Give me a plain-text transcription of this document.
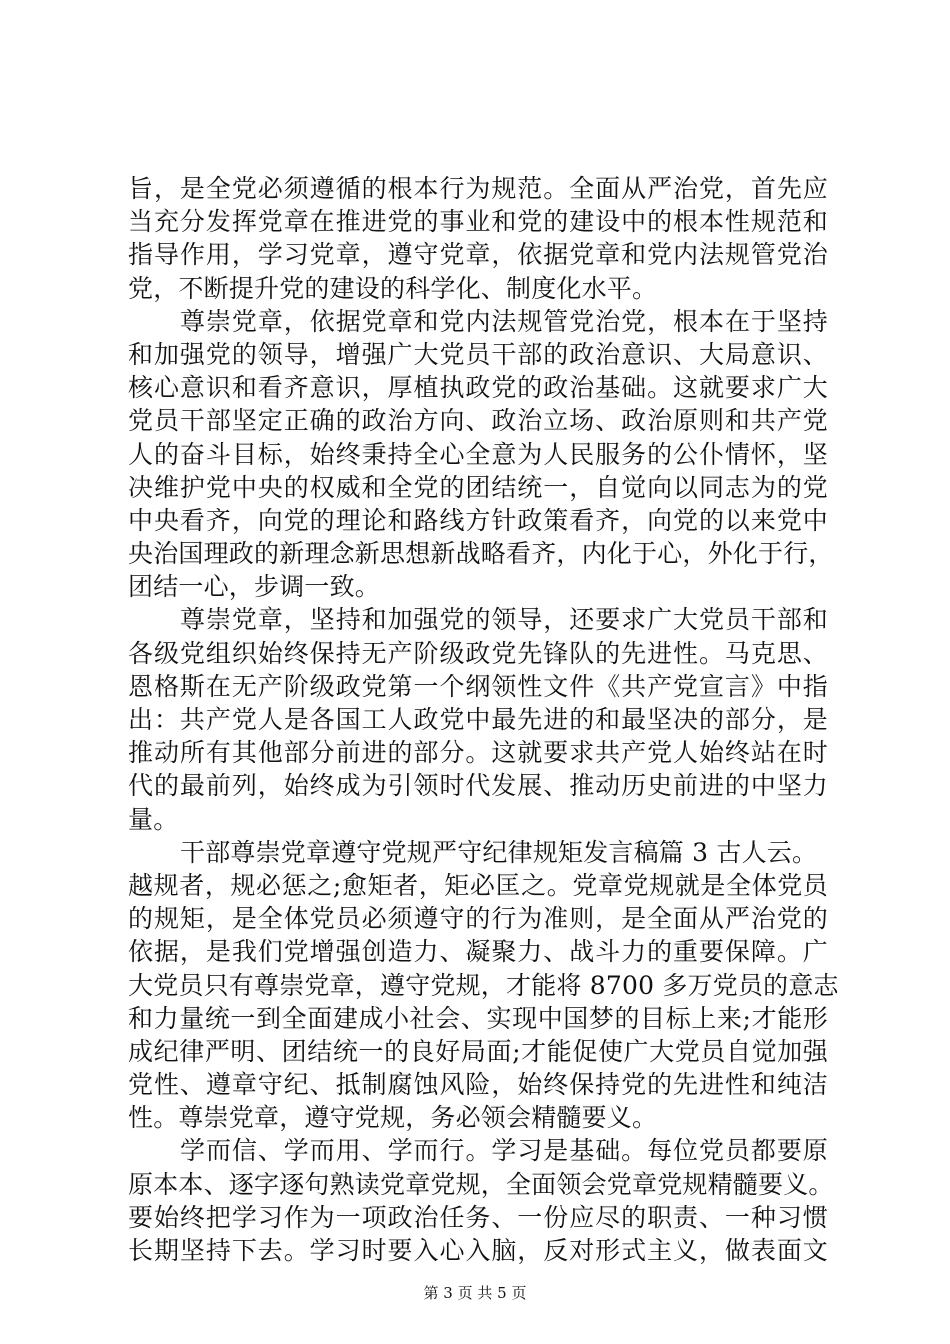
旨，是全党必须遵循的根本行为规范。全面从严治党，首先应
当充分发挥党章在推进党的事业和党的建设中的根本性规范和
指导作用，学习党章，遵守党章，依据党章和党内法规管党治
党，不断提升党的建设的科学化、制度化水平。
尊崇党章，依据党章和党内法规管党治党，根本在于坚持
和加强党的领导，增强广大党员干部的政治意识、大局意识、
核心意识和看齐意识，厚植执政党的政治基础。这就要求广大
党员干部坚定正确的政治方向、政治立场、政治原则和共产党
人的奋斗目标，始终秉持全心全意为人民服务的公仆情怀，坚
决维护党中央的权威和全党的团结统一，自觉向以同志为的党
中央看齐，向党的理论和路线方针政策看齐，向党的以来党中
央治国理政的新理念新思想新战略看齐，内化于心，外化于行，
团结一心，步调一致。
尊崇党章，坚持和加强党的领导，还要求广大党员干部和
各级党组织始终保持无产阶级政党先锋队的先进性。马克思、
恩格斯在无产阶级政党第一个纲领性文件《共产党宣言》中指
出：共产党人是各国工人政党中最先进的和最坚决的部分，是
推动所有其他部分前进的部分。这就要求共产党人始终站在时
代的最前列，始终成为引领时代发展、推动历史前进的中坚力
量。
干部尊崇党章遵守党规严守纪律规矩发言稿篇 3 古人云。
越规者，规必惩之;愈矩者，矩必匡之。党章党规就是全体党员
的规矩，是全体党员必须遵守的行为准则，是全面从严治党的
依据，是我们党增强创造力、凝聚力、战斗力的重要保障。广
大党员只有尊崇党章，遵守党规，才能将 8700 多万党员的意志
和力量统一到全面建成小社会、实现中国梦的目标上来;才能形
成纪律严明、团结统一的良好局面;才能促使广大党员自觉加强
党性、遵章守纪、抵制腐蚀风险，始终保持党的先进性和纯洁
性。尊崇党章，遵守党规，务必领会精髓要义。
学而信、学而用、学而行。学习是基础。每位党员都要原
原本本、逐字逐句熟读党章党规，全面领会党章党规精髓要义。
要始终把学习作为一项政治任务、一份应尽的职责、一种习惯
长期坚持下去。学习时要入心入脑，反对形式主义，做表面文
第 3 页 共 5 页
